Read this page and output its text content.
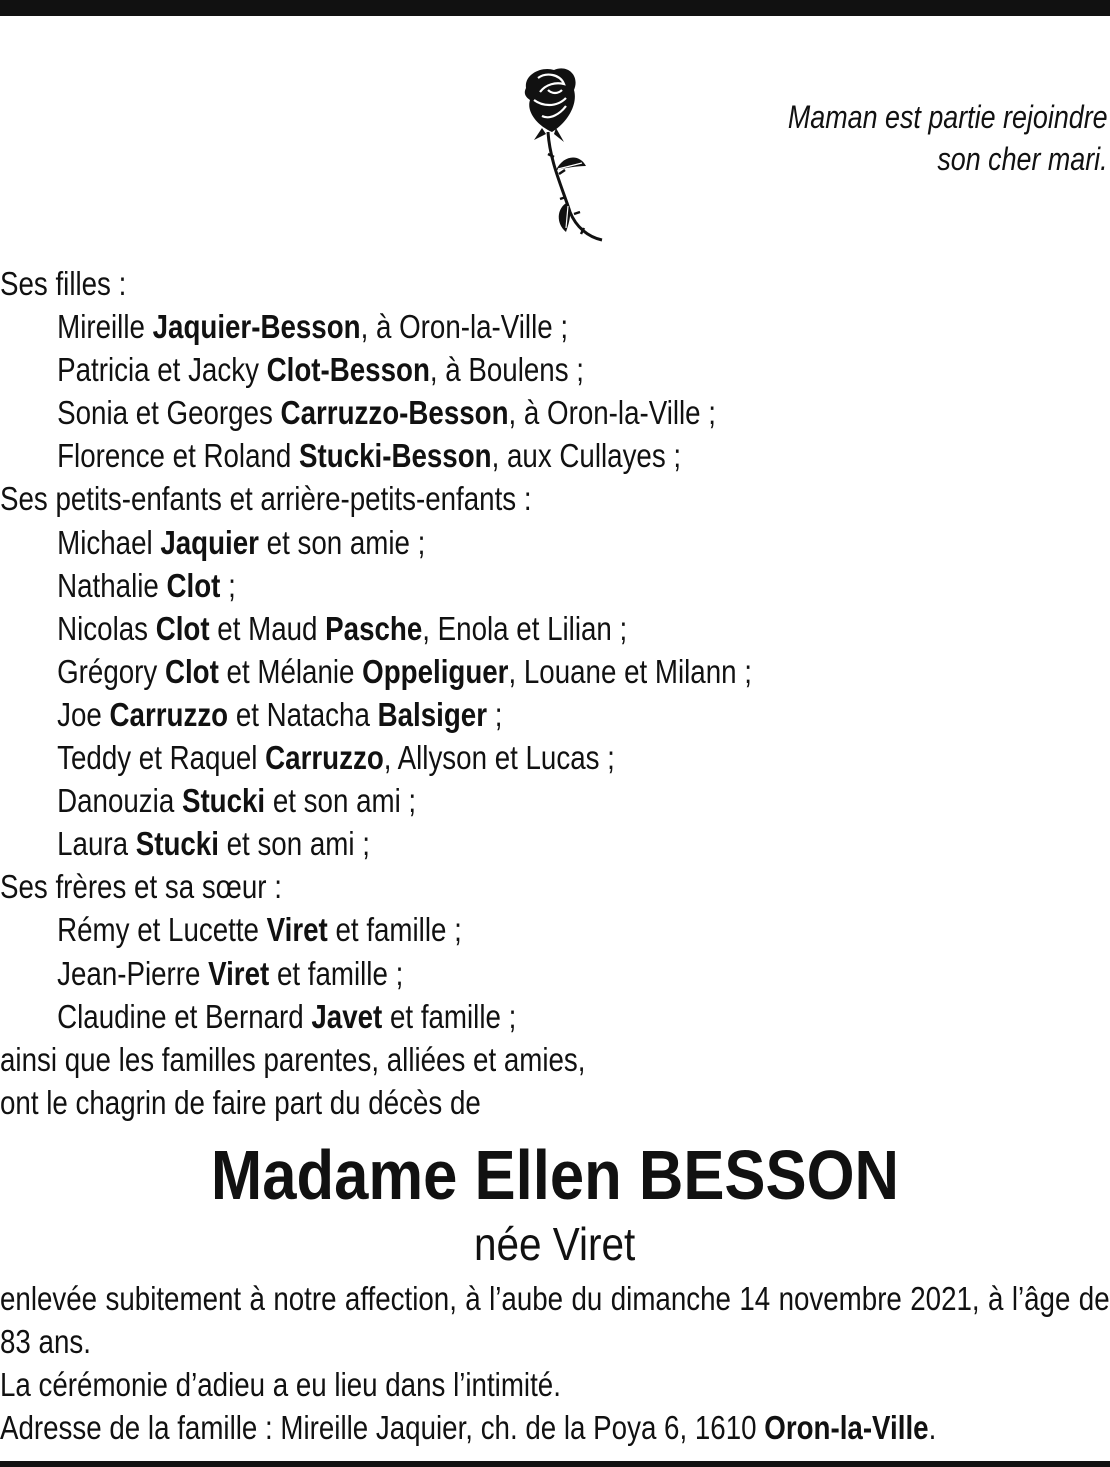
Maman est partie rejoindre
son cher mari.
Ses filles :
Mireille Jaquier-Besson, à Oron-la-Ville ;
Patricia et Jacky Clot-Besson, à Boulens ;
Sonia et Georges Carruzzo-Besson, à Oron-la-Ville ;
Florence et Roland Stucki-Besson, aux Cullayes ;
Ses petits-enfants et arrière-petits-enfants :
Michael Jaquier et son amie ;
Nathalie Clot ;
Nicolas Clot et Maud Pasche, Enola et Lilian ;
Grégory Clot et Mélanie Oppeliguer, Louane et Milann ;
Joe Carruzzo et Natacha Balsiger ;
Teddy et Raquel Carruzzo, Allyson et Lucas ;
Danouzia Stucki et son ami ;
Laura Stucki et son ami ;
Ses frères et sa sœur :
Rémy et Lucette Viret et famille ;
Jean-Pierre Viret et famille ;
Claudine et Bernard Javet et famille ;
ainsi que les familles parentes, alliées et amies,
ont le chagrin de faire part du décès de
Madame Ellen BESSON
née Viret
enlevée subitement à notre affection, à l’aube du dimanche 14 novembre 2021, à l’âge de 83 ans.
La cérémonie d’adieu a eu lieu dans l’intimité.
Adresse de la famille : Mireille Jaquier, ch. de la Poya 6, 1610 Oron-la-Ville.
